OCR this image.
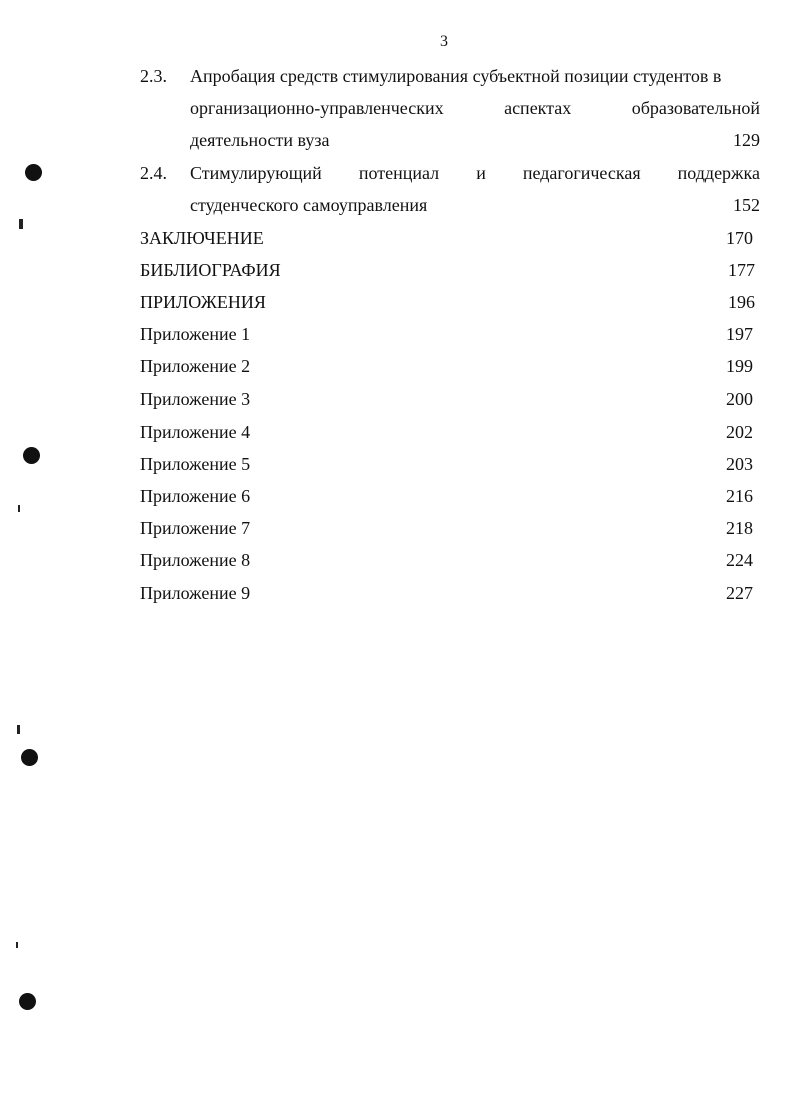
3
2.3. Апробация средств стимулирования субъектной позиции студентов в
организационно-управленческих	аспектах	образовательной
деятельности вуза	129
2.4. Стимулирующий потенциал и педагогическая поддержка
студенческого самоуправления	152
ЗАКЛЮЧЕНИЕ	170
БИБЛИОГРАФИЯ	177
ПРИЛОЖЕНИЯ	196
Приложение 1	197
Приложение 2	199
Приложение 3	200
Приложение 4	202
Приложение 5	203
Приложение 6	216
Приложение 7	218
Приложение 8	224
Приложение 9	227
